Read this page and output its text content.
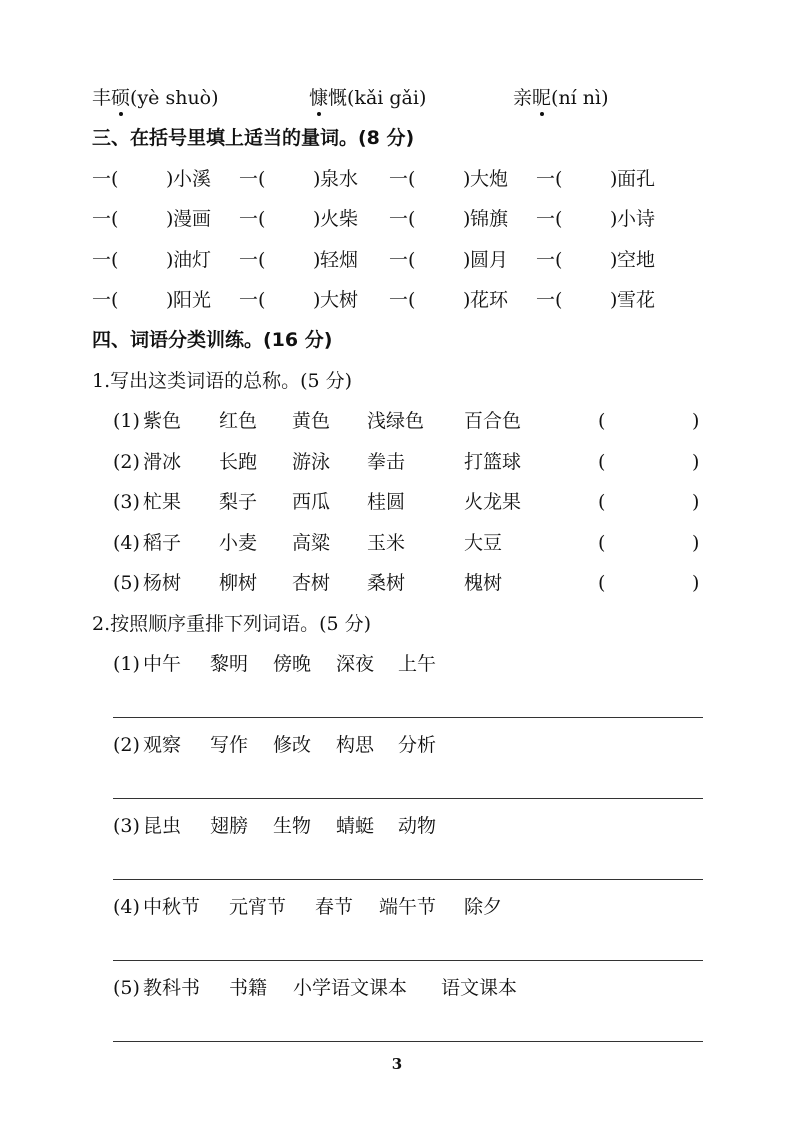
丰硕(yè shuò)	慷慨(kǎi gǎi)	亲昵(ní nì)
三、在括号里填上适当的量词。(8 分)
一(	) 小溪 一(	) 泉水 一(	) 大炮 一(	) 面孔
一(	) 漫画 一(	) 火柴 一(	) 锦旗 一(	) 小诗
一(	) 油灯 一(	) 轻烟 一(	) 圆月 一(	) 空地
一(	) 阳光 一(	) 大树 一(	) 花环 一(	) 雪花
四、词语分类训练。(16 分)
1.写出这类词语的总称。(5 分)
(1) 紫色 红色 黄色 浅绿色 百合色	(	)
(2) 滑冰 长跑 游泳 拳击	打篮球	(	)
(3) 杧果 梨子 西瓜 桂圆	火龙果	(	)
(4) 稻子 小麦 高粱 玉米	大豆	(	)
(5) 杨树 柳树 杏树 桑树	槐树	(	)
2.按照顺序重排下列词语。(5 分)
(1) 中午 黎明 傍晚 深夜 上午
(2) 观察 写作 修改 构思 分析
(3) 昆虫 翅膀 生物 蜻蜓 动物
(4) 中秋节 元宵节 春节 端午节 除夕
(5) 教科书 书籍 小学语文课本 语文课本
3
